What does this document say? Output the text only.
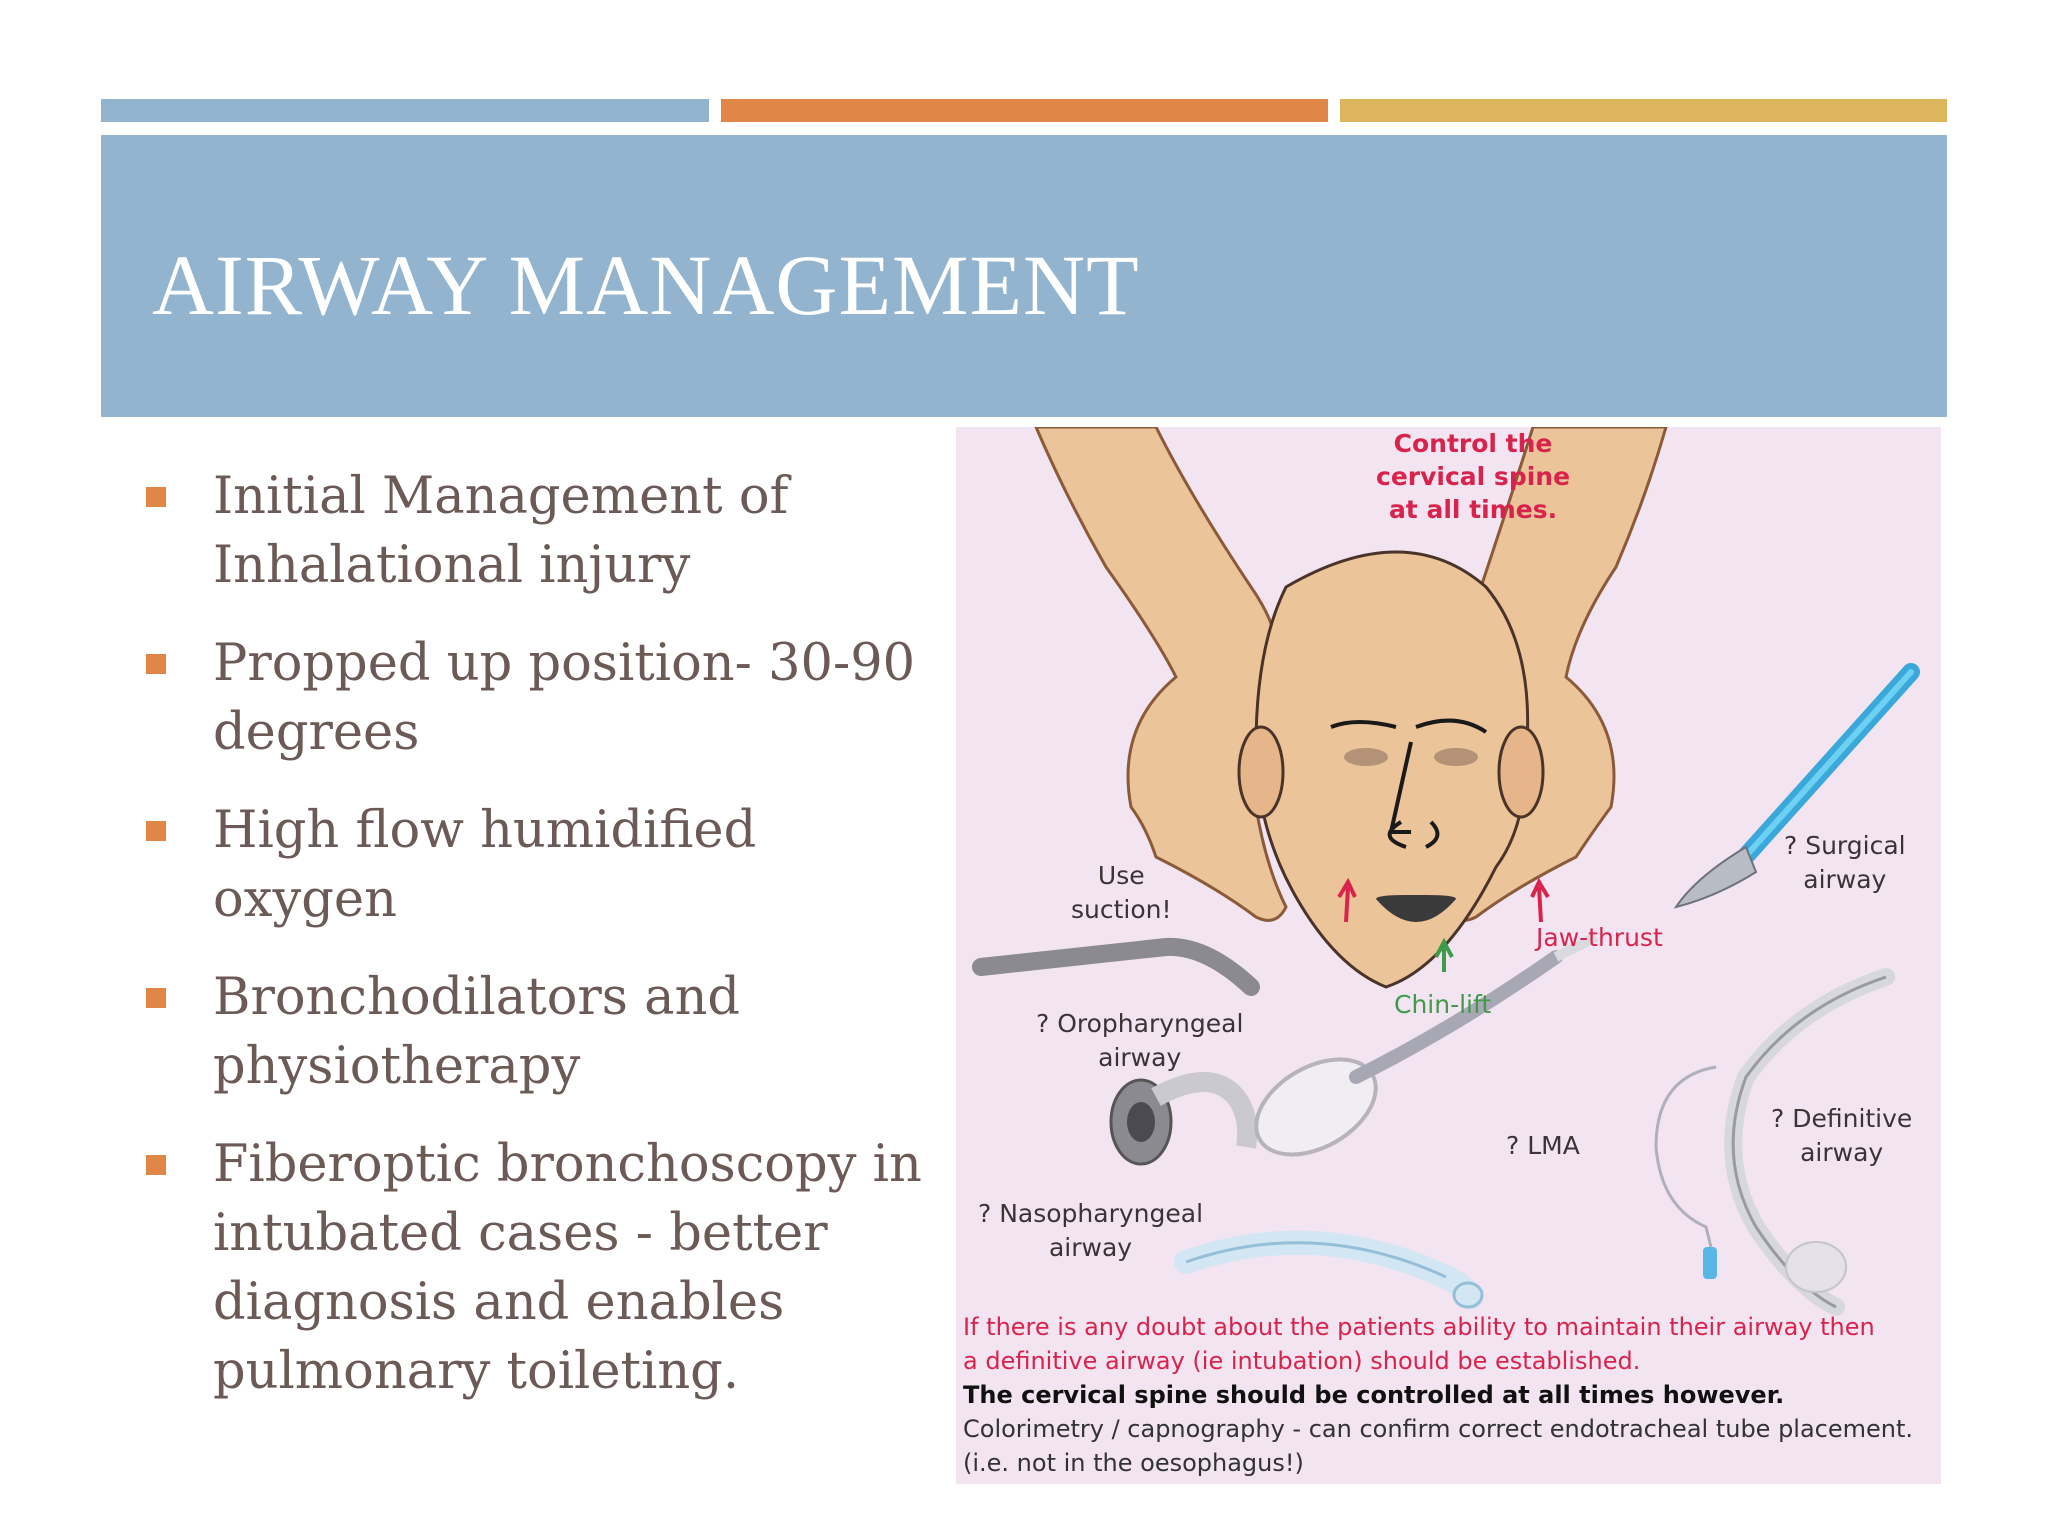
AIRWAY MANAGEMENT
Initial Management of
Inhalational injury
Propped up position- 30-90
degrees
High flow humidified oxygen
Bronchodilators and
physiotherapy
Fiberoptic bronchoscopy in
intubated cases - better
diagnosis and enables
pulmonary toileting.
Control the
cervical spine
at all times.
Use
suction!
? Surgical
airway
Jaw-thrust
Chin-lift
? Oropharyngeal
airway
? LMA
? Definitive
airway
? Nasopharyngeal
airway
If there is any doubt about the patients ability to maintain their airway then
a definitive airway (ie intubation) should be established.
The cervical spine should be controlled at all times however.
Colorimetry / capnography - can confirm correct endotracheal tube placement.
(i.e. not in the oesophagus!)
